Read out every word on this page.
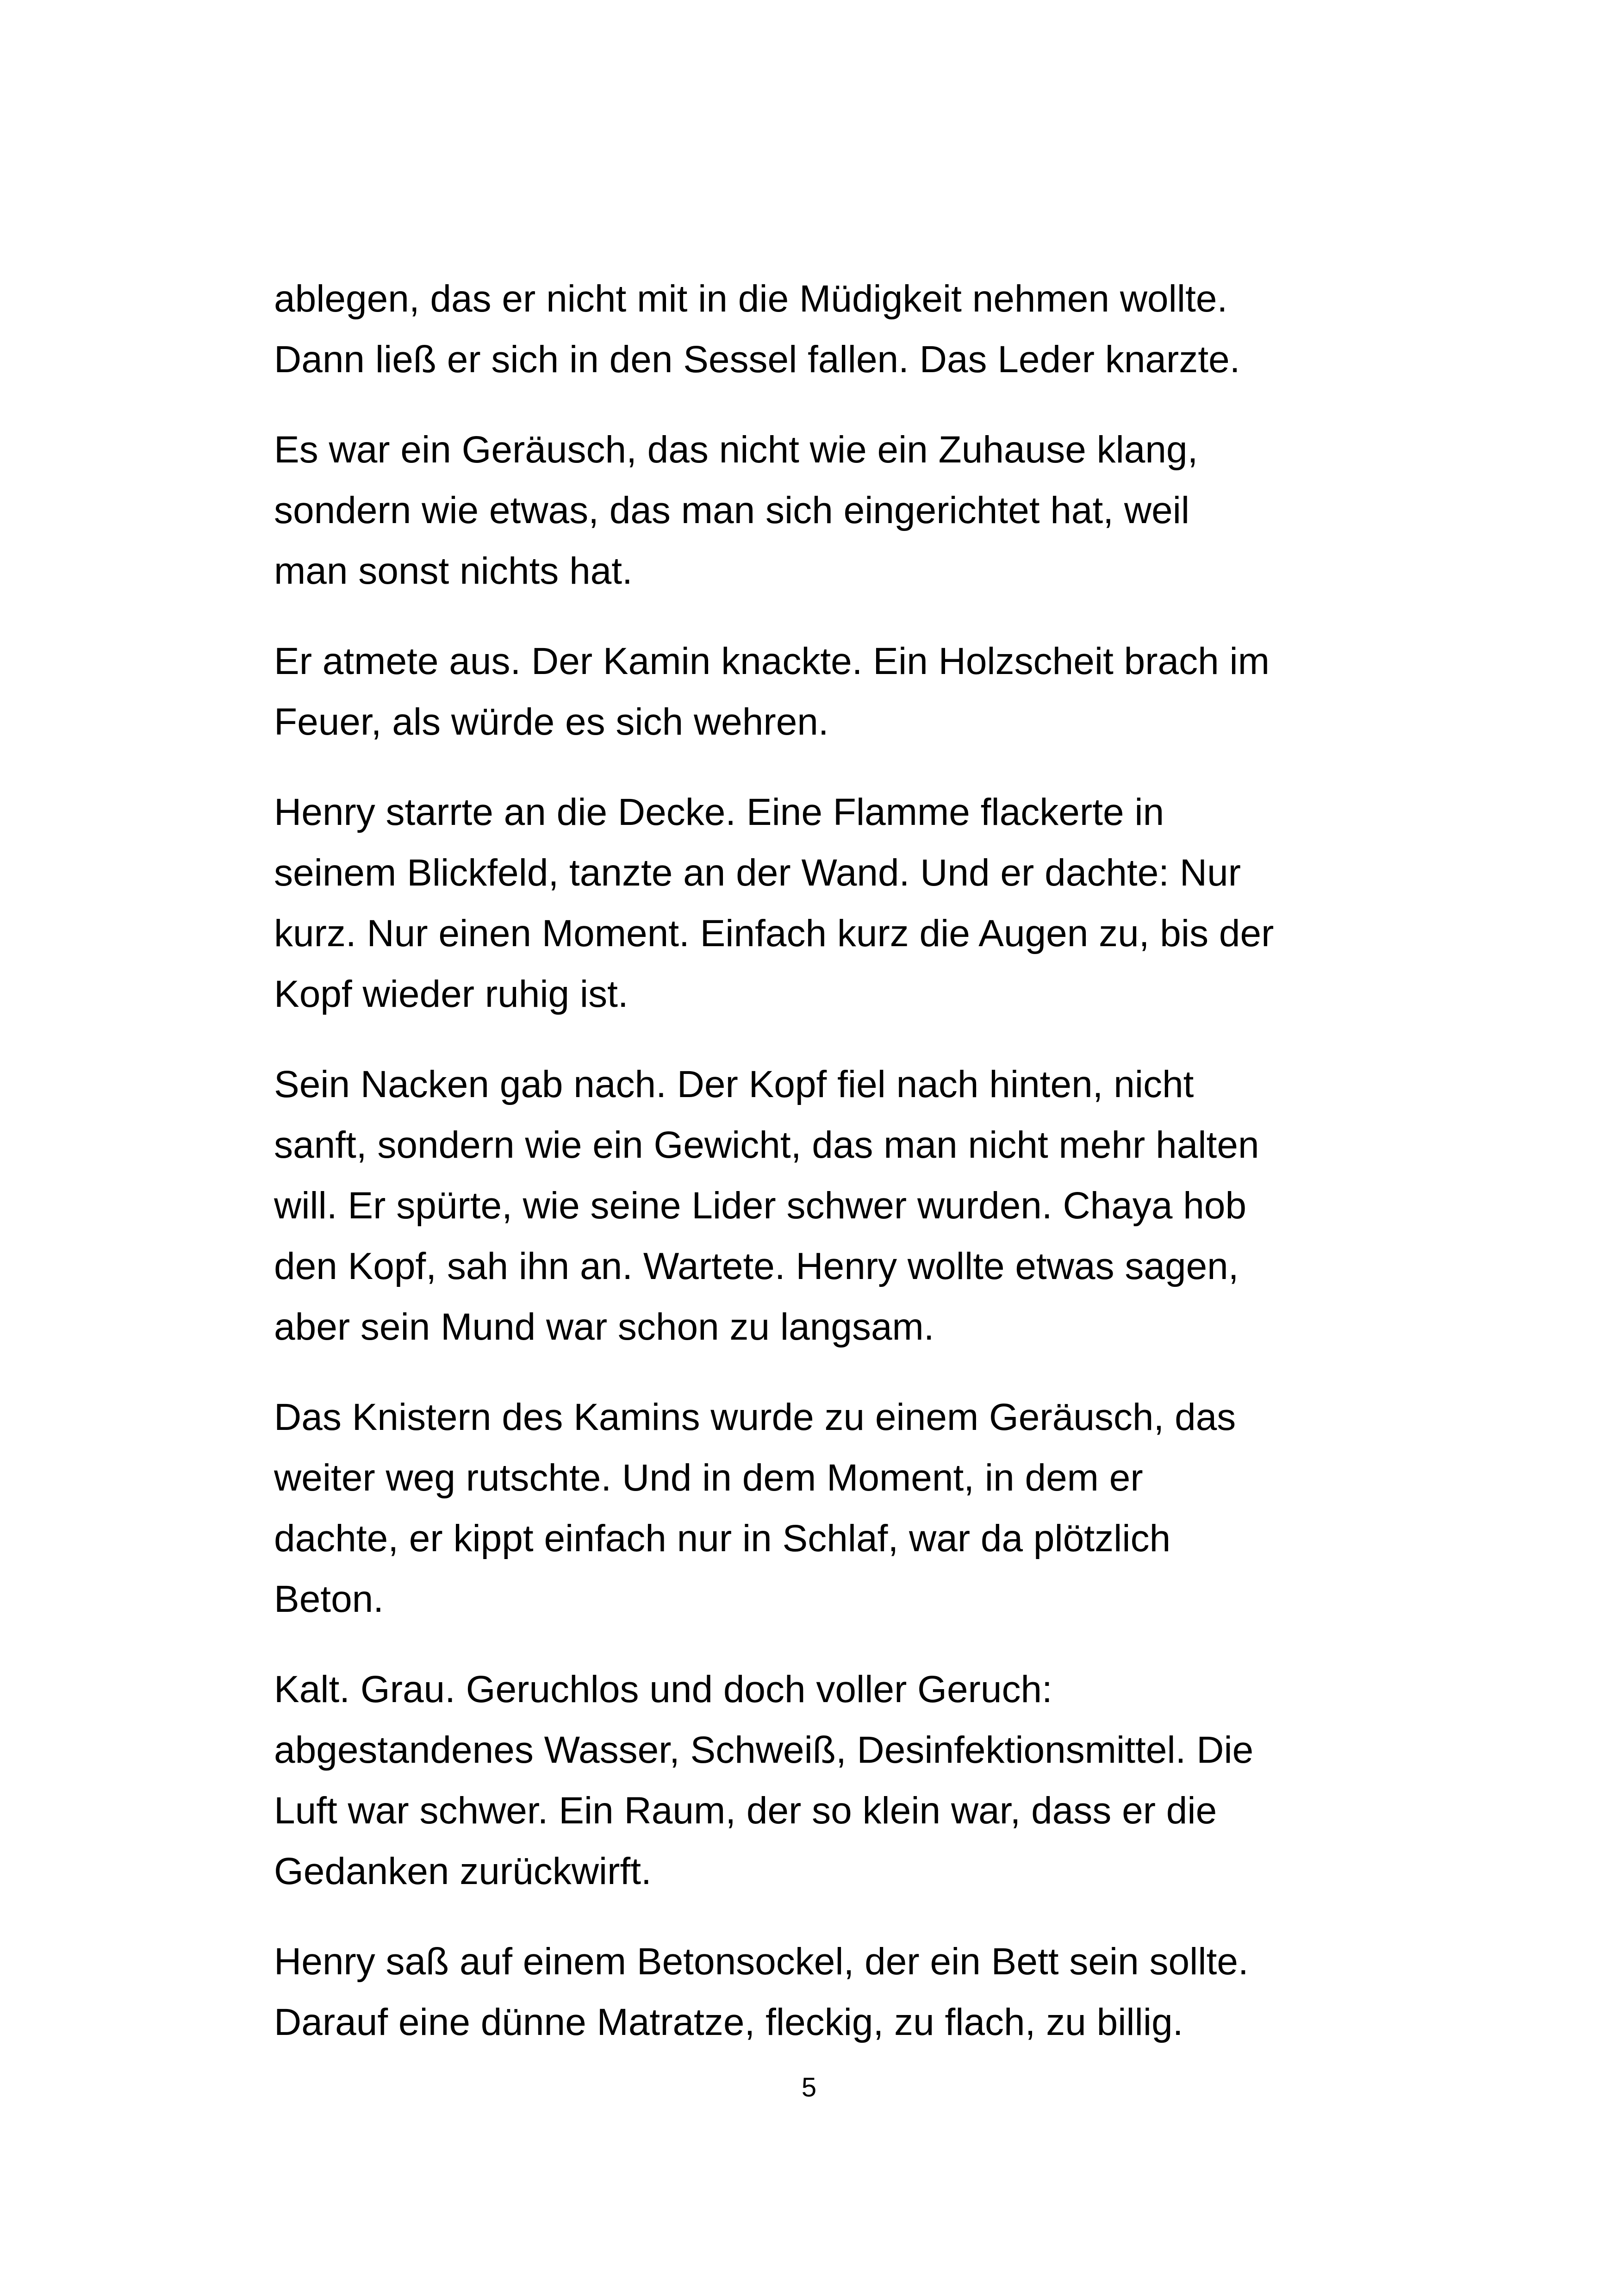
ablegen, das er nicht mit in die Müdigkeit nehmen wollte.
Dann ließ er sich in den Sessel fallen. Das Leder knarzte.

Es war ein Geräusch, das nicht wie ein Zuhause klang,
sondern wie etwas, das man sich eingerichtet hat, weil
man sonst nichts hat.

Er atmete aus. Der Kamin knackte. Ein Holzscheit brach im
Feuer, als würde es sich wehren.

Henry starrte an die Decke. Eine Flamme flackerte in
seinem Blickfeld, tanzte an der Wand. Und er dachte: Nur
kurz. Nur einen Moment. Einfach kurz die Augen zu, bis der
Kopf wieder ruhig ist.

Sein Nacken gab nach. Der Kopf fiel nach hinten, nicht
sanft, sondern wie ein Gewicht, das man nicht mehr halten
will. Er spürte, wie seine Lider schwer wurden. Chaya hob
den Kopf, sah ihn an. Wartete. Henry wollte etwas sagen,
aber sein Mund war schon zu langsam.

Das Knistern des Kamins wurde zu einem Geräusch, das
weiter weg rutschte. Und in dem Moment, in dem er
dachte, er kippt einfach nur in Schlaf, war da plötzlich
Beton.

Kalt. Grau. Geruchlos und doch voller Geruch:
abgestandenes Wasser, Schweiß, Desinfektionsmittel. Die
Luft war schwer. Ein Raum, der so klein war, dass er die
Gedanken zurückwirft.

Henry saß auf einem Betonsockel, der ein Bett sein sollte.
Darauf eine dünne Matratze, fleckig, zu flach, zu billig.

5
